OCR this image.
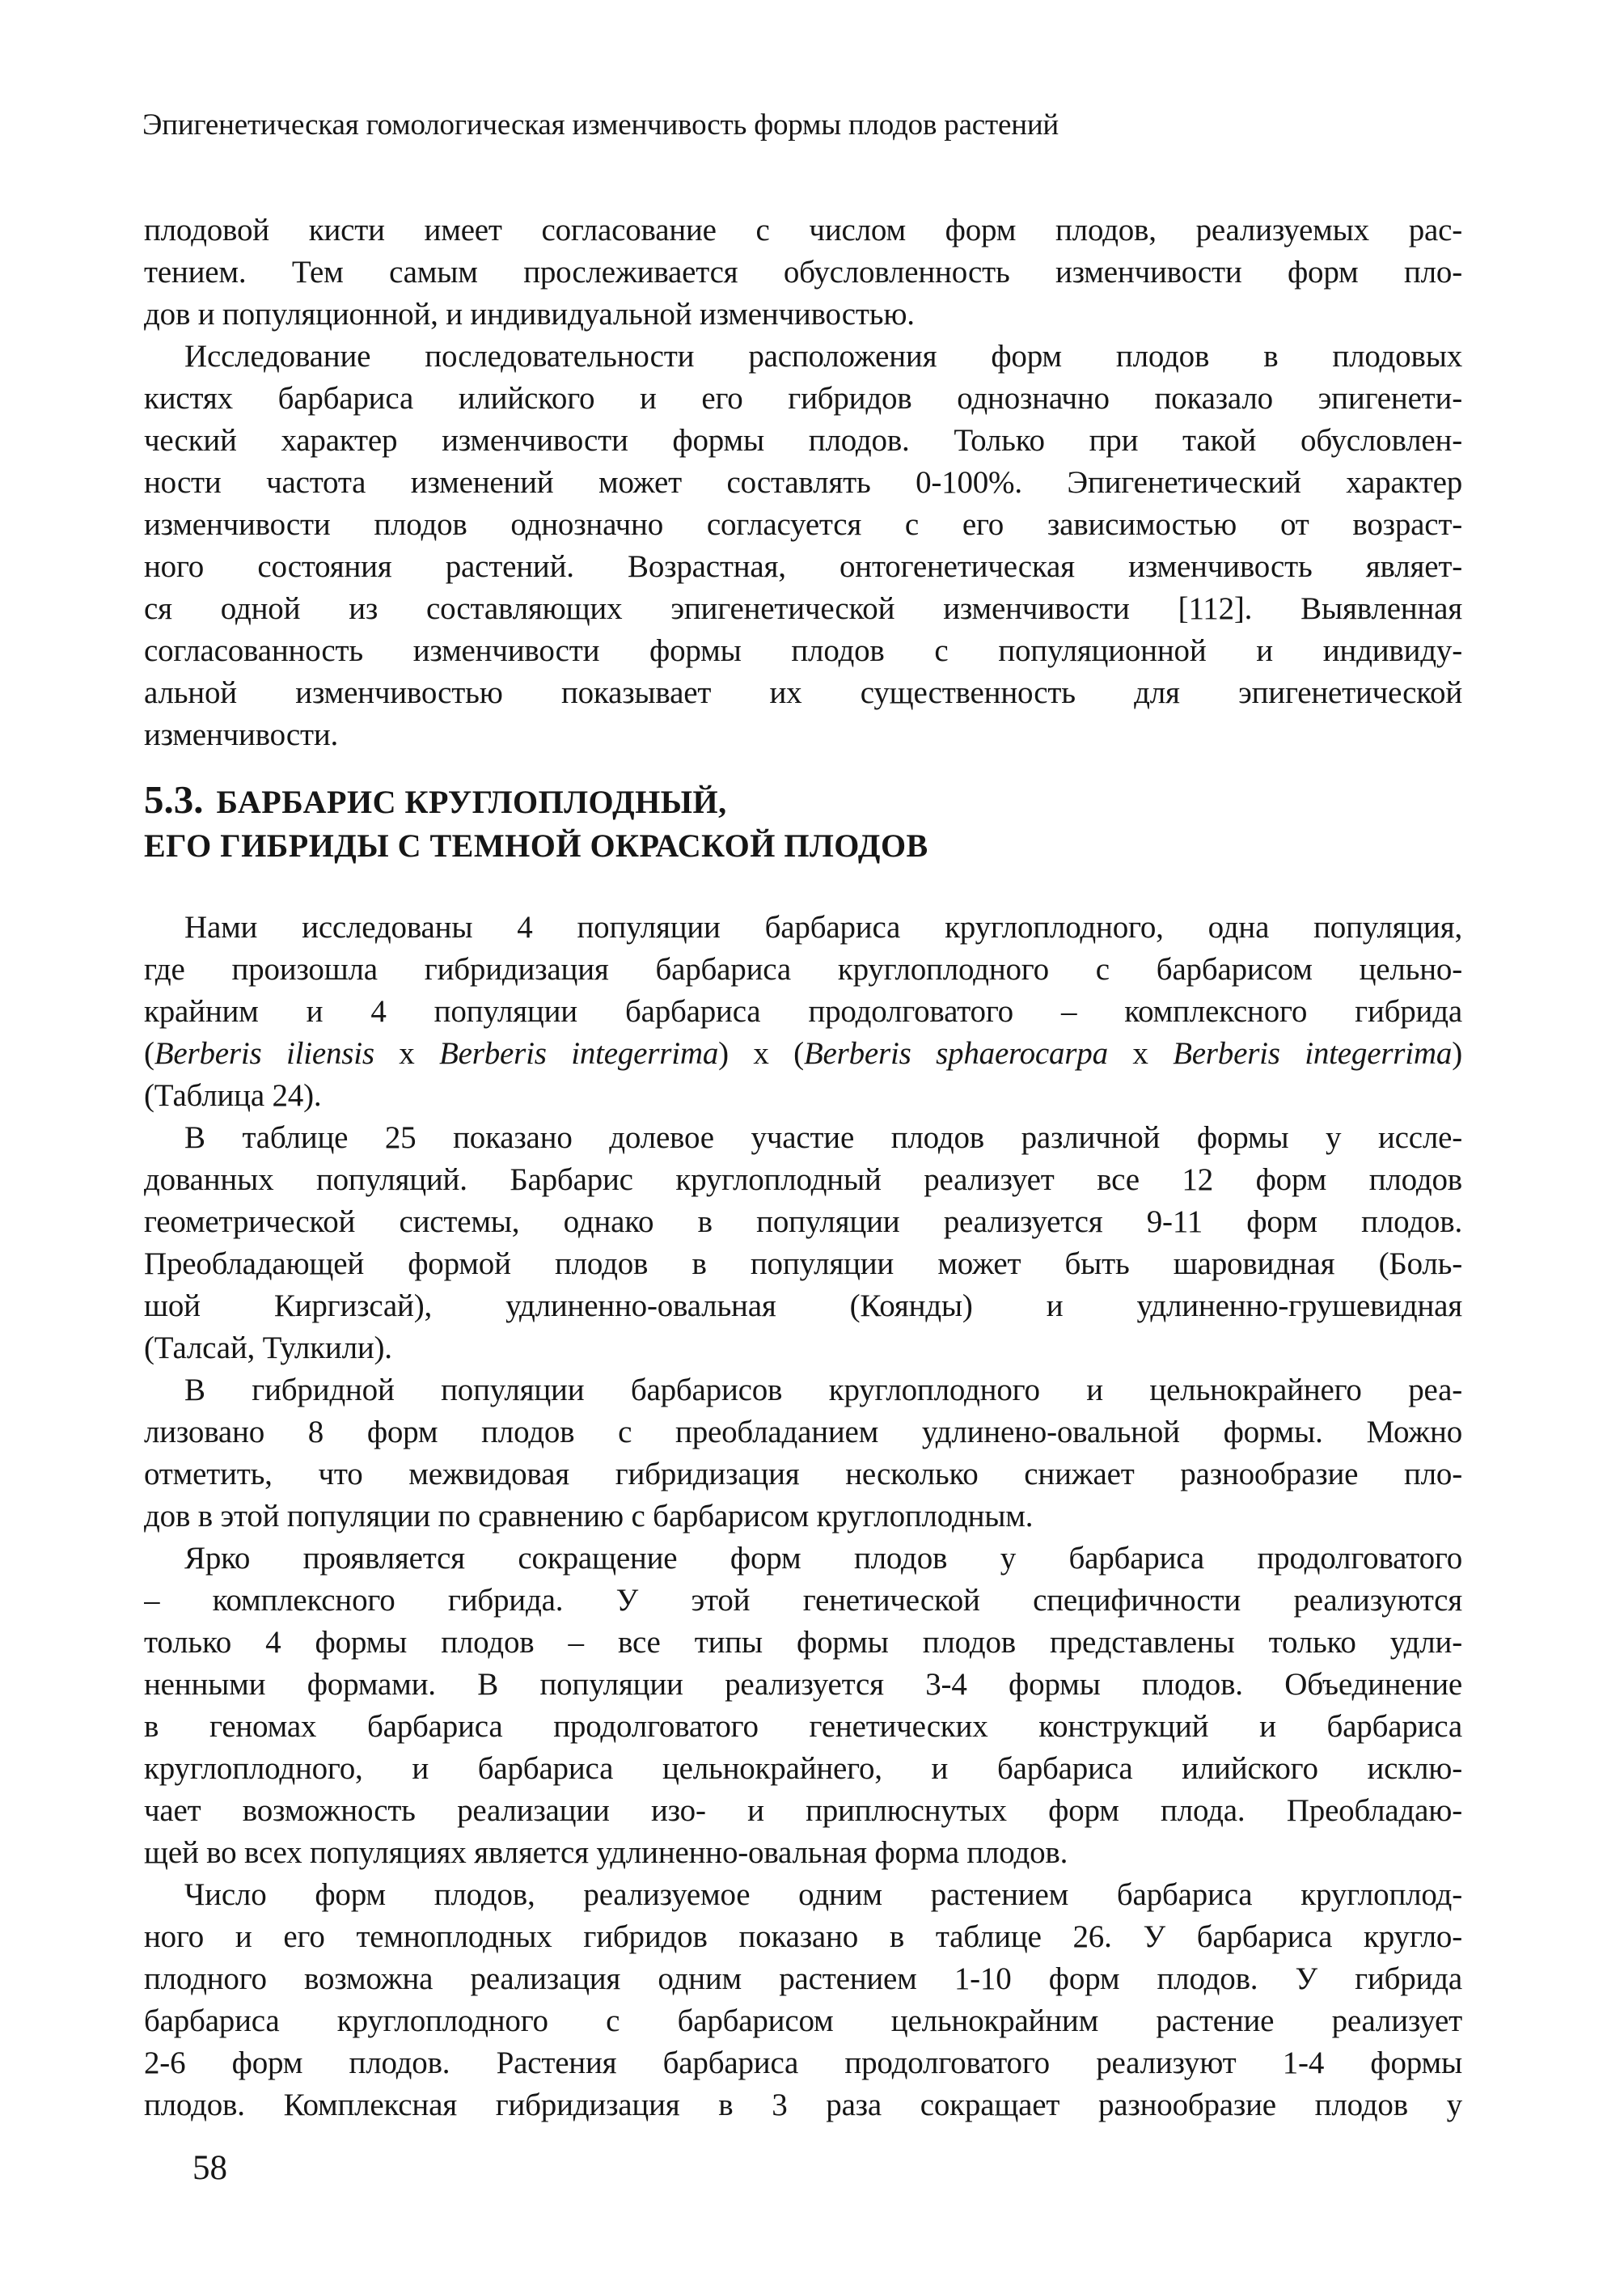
Эпигенетическая гомологическая изменчивость формы плодов растений
5.3. БАРБАРИС КРУГЛОПЛОДНЫЙ,
ЕГО ГИБРИДЫ С ТЕМНОЙ ОКРАСКОЙ ПЛОДОВ
плодовой кисти имеет согласование с числом форм плодов, реализуемых рас-
тением. Тем самым прослеживается обусловленность изменчивости форм пло-
дов и популяционной, и индивидуальной изменчивостью.
Исследование последовательности расположения форм плодов в плодовых
кистях барбариса илийского и его гибридов однозначно показало эпигенети-
ческий характер изменчивости формы плодов. Только при такой обусловлен-
ности частота изменений может составлять 0-100%. Эпигенетический характер
изменчивости плодов однозначно согласуется с его зависимостью от возраст-
ного состояния растений. Возрастная, онтогенетическая изменчивость являет-
ся одной из составляющих эпигенетической изменчивости [112]. Выявленная
согласованность изменчивости формы плодов с популяционной и индивиду-
альной изменчивостью показывает их существенность для эпигенетической
изменчивости.
Нами исследованы 4 популяции барбариса круглоплодного, одна популяция,
где произошла гибридизация барбариса круглоплодного с барбарисом цельно-
крайним и 4 популяции барбариса продолговатого – комплексного гибрида
(Berberis iliensis х Berberis integerrima) х (Berberis sphaerocarpa х Berberis integerrima)
(Таблица 24).
В таблице 25 показано долевое участие плодов различной формы у иссле-
дованных популяций. Барбарис круглоплодный реализует все 12 форм плодов
геометрической системы, однако в популяции реализуется 9-11 форм плодов.
Преобладающей формой плодов в популяции может быть шаровидная (Боль-
шой Киргизсай), удлиненно-овальная (Коянды) и удлиненно-грушевидная
(Талсай, Тулкили).
В гибридной популяции барбарисов круглоплодного и цельнокрайнего реа-
лизовано 8 форм плодов с преобладанием удлинено-овальной формы. Можно
отметить, что межвидовая гибридизация несколько снижает разнообразие пло-
дов в этой популяции по сравнению с барбарисом круглоплодным.
Ярко проявляется сокращение форм плодов у барбариса продолговатого
– комплексного гибрида. У этой генетической специфичности реализуются
только 4 формы плодов – все типы формы плодов представлены только удли-
ненными формами. В популяции реализуется 3-4 формы плодов. Объединение
в геномах барбариса продолговатого генетических конструкций и барбариса
круглоплодного, и барбариса цельнокрайнего, и барбариса илийского исклю-
чает возможность реализации изо- и приплюснутых форм плода. Преобладаю-
щей во всех популяциях является удлиненно-овальная форма плодов.
Число форм плодов, реализуемое одним растением барбариса круглоплод-
ного и его темноплодных гибридов показано в таблице 26. У барбариса кругло-
плодного возможна реализация одним растением 1-10 форм плодов. У гибрида
барбариса круглоплодного с барбарисом цельнокрайним растение реализует
2-6 форм плодов. Растения барбариса продолговатого реализуют 1-4 формы
плодов. Комплексная гибридизация в 3 раза сокращает разнообразие плодов у
58
